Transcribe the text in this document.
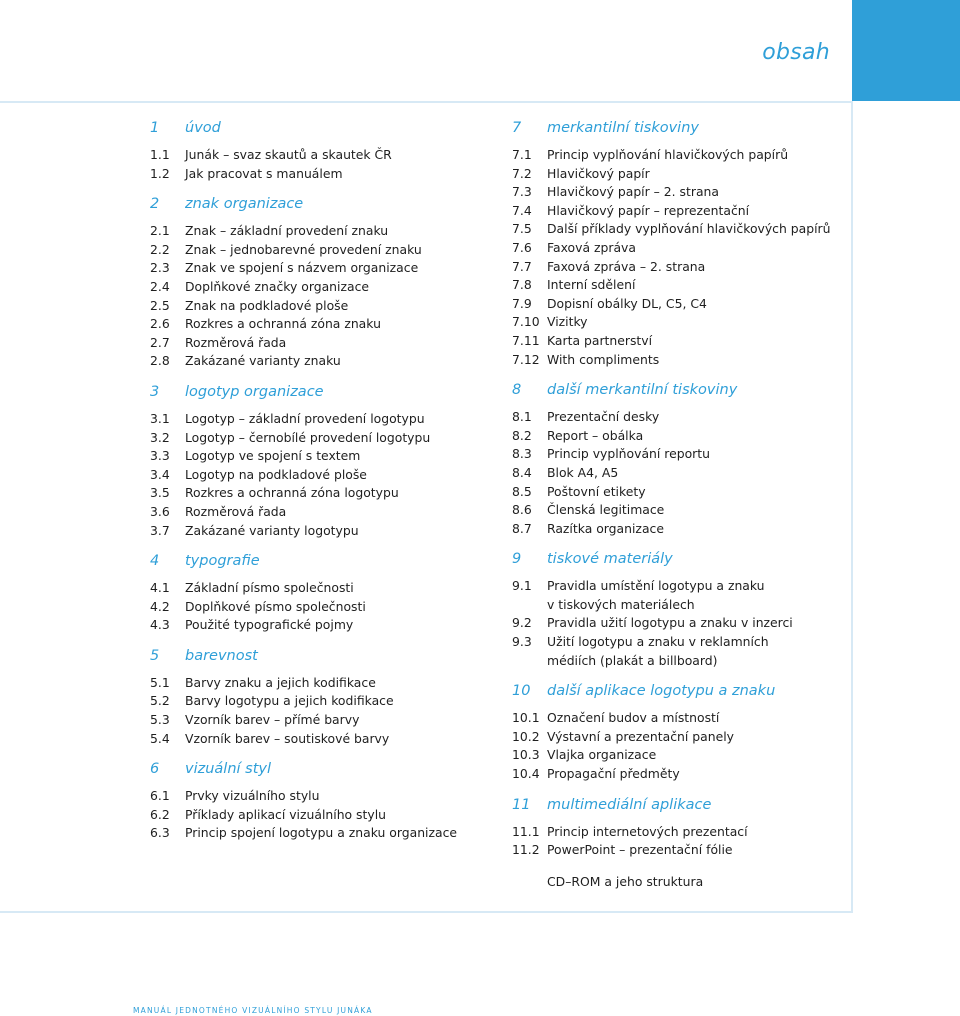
obsah
1	úvod
1.1	Junák – svaz skautů a skautek ČR
1.2	Jak pracovat s manuálem
2	znak organizace
2.1	Znak – základní provedení znaku
2.2	Znak – jednobarevné provedení znaku
2.3	Znak ve spojení s názvem organizace
2.4	Doplňkové značky organizace
2.5	Znak na podkladové ploše
2.6	Rozkres a ochranná zóna znaku
2.7	Rozměrová řada
2.8	Zakázané varianty znaku
3	logotyp organizace
3.1	Logotyp – základní provedení logotypu
3.2	Logotyp – černobílé provedení logotypu
3.3	Logotyp ve spojení s textem
3.4	Logotyp na podkladové ploše
3.5	Rozkres a ochranná zóna logotypu
3.6	Rozměrová řada
3.7	Zakázané varianty logotypu
4	typografie
4.1	Základní písmo společnosti
4.2	Doplňkové písmo společnosti
4.3	Použité typografické pojmy
5	barevnost
5.1	Barvy znaku a jejich kodifikace
5.2	Barvy logotypu a jejich kodifikace
5.3	Vzorník barev – přímé barvy
5.4	Vzorník barev – soutiskové barvy
6	vizuální styl
6.1	Prvky vizuálního stylu
6.2	Příklady aplikací vizuálního stylu
6.3	Princip spojení logotypu a znaku organizace
7	merkantilní tiskoviny
7.1	Princip vyplňování hlavičkových papírů
7.2	Hlavičkový papír
7.3	Hlavičkový papír – 2. strana
7.4	Hlavičkový papír – reprezentační
7.5	Další příklady vyplňování hlavičkových papírů
7.6	Faxová zpráva
7.7	Faxová zpráva – 2. strana
7.8	Interní sdělení
7.9	Dopisní obálky DL, C5, C4
7.10 Vizitky
7.11 Karta partnerství
7.12 With compliments
8	další merkantilní tiskoviny
8.1	Prezentační desky
8.2	Report – obálka
8.3	Princip vyplňování reportu
8.4	Blok A4, A5
8.5	Poštovní etikety
8.6	Členská legitimace
8.7	Razítka organizace
9	tiskové materiály
9.1	Pravidla umístění logotypu a znaku
v tiskových materiálech
9.2	Pravidla užití logotypu a znaku v inzerci
9.3	Užití logotypu a znaku v reklamních
médiích (plakát a billboard)
10	další aplikace logotypu a znaku
10.1 Označení budov a místností
10.2 Výstavní a prezentační panely
10.3 Vlajka organizace
10.4 Propagační předměty
11	multimediální aplikace
11.1 Princip internetových prezentací
11.2 PowerPoint – prezentační fólie
CD–ROM a jeho struktura
MANUÁL JEDNOTNÉHO VIZUÁLNÍHO STYLU JUNÁKA
